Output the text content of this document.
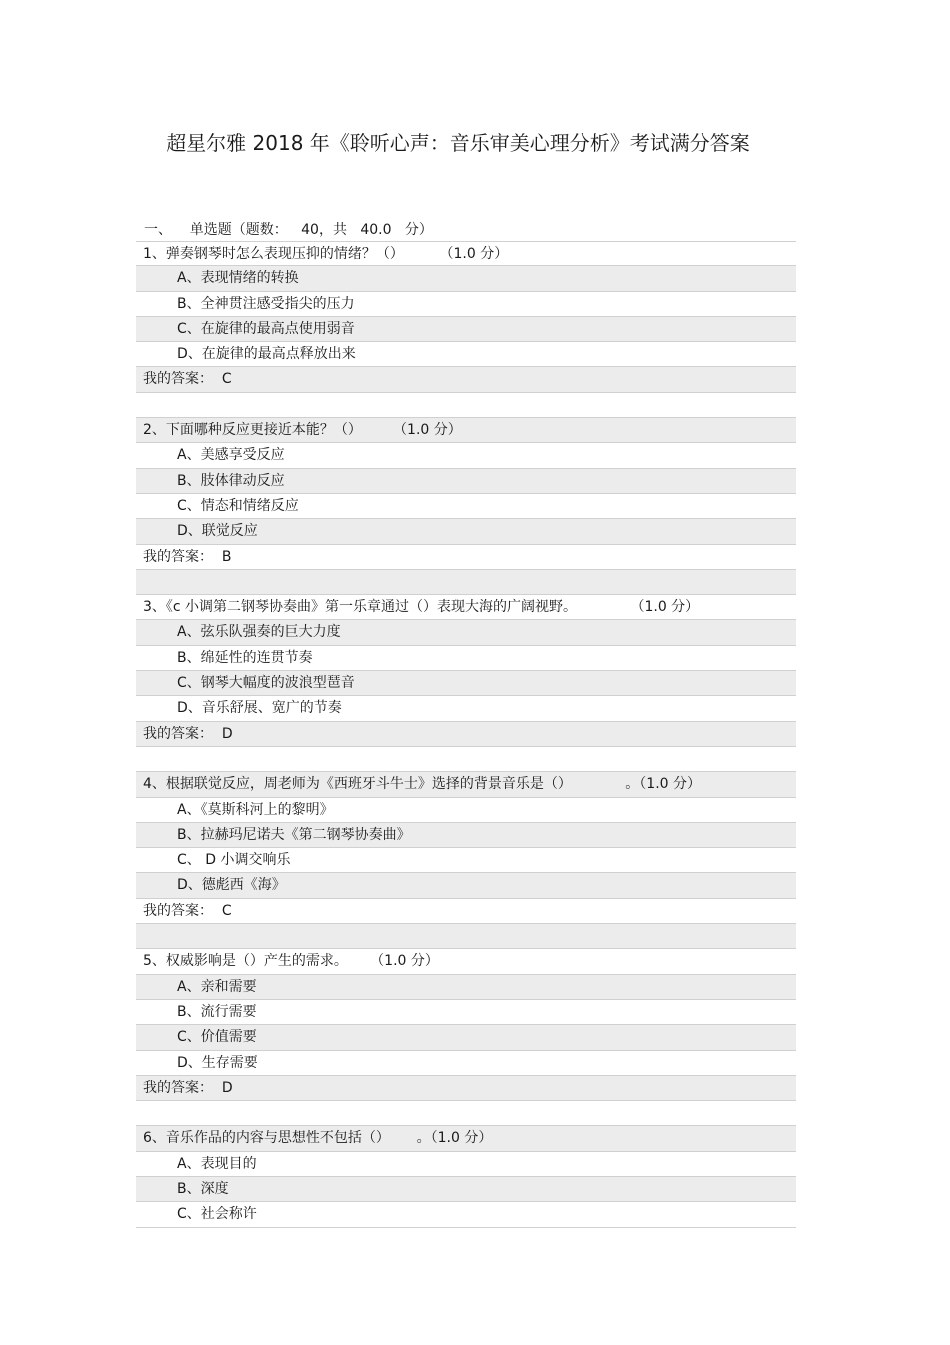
超星尔雅 2018 年《聆听心声：音乐审美心理分析》考试满分答案
一、    单选题（题数：   40，共   40.0   分）
1、弹奏钢琴时怎么表现压抑的情绪？（）        （1.0 分）
A、表现情绪的转换
B、全神贯注感受指尖的压力
C、在旋律的最高点使用弱音
D、在旋律的最高点释放出来
我的答案：  C
2、下面哪种反应更接近本能？（）       （1.0 分）
A、美感享受反应
B、肢体律动反应
C、情态和情绪反应
D、联觉反应
我的答案：  B
3、《c 小调第二钢琴协奏曲》第一乐章通过（）表现大海的广阔视野。            （1.0 分）
A、弦乐队强奏的巨大力度
B、绵延性的连贯节奏
C、钢琴大幅度的波浪型琶音
D、音乐舒展、宽广的节奏
我的答案：  D
4、根据联觉反应，周老师为《西班牙斗牛士》选择的背景音乐是（）            。（1.0 分）
A、《莫斯科河上的黎明》
B、拉赫玛尼诺夫《第二钢琴协奏曲》
C、 D 小调交响乐
D、德彪西《海》
我的答案：  C
5、权威影响是（）产生的需求。     （1.0 分）
A、亲和需要
B、流行需要
C、价值需要
D、生存需要
我的答案：  D
6、音乐作品的内容与思想性不包括（）      。（1.0 分）
A、表现目的
B、深度
C、社会称许
